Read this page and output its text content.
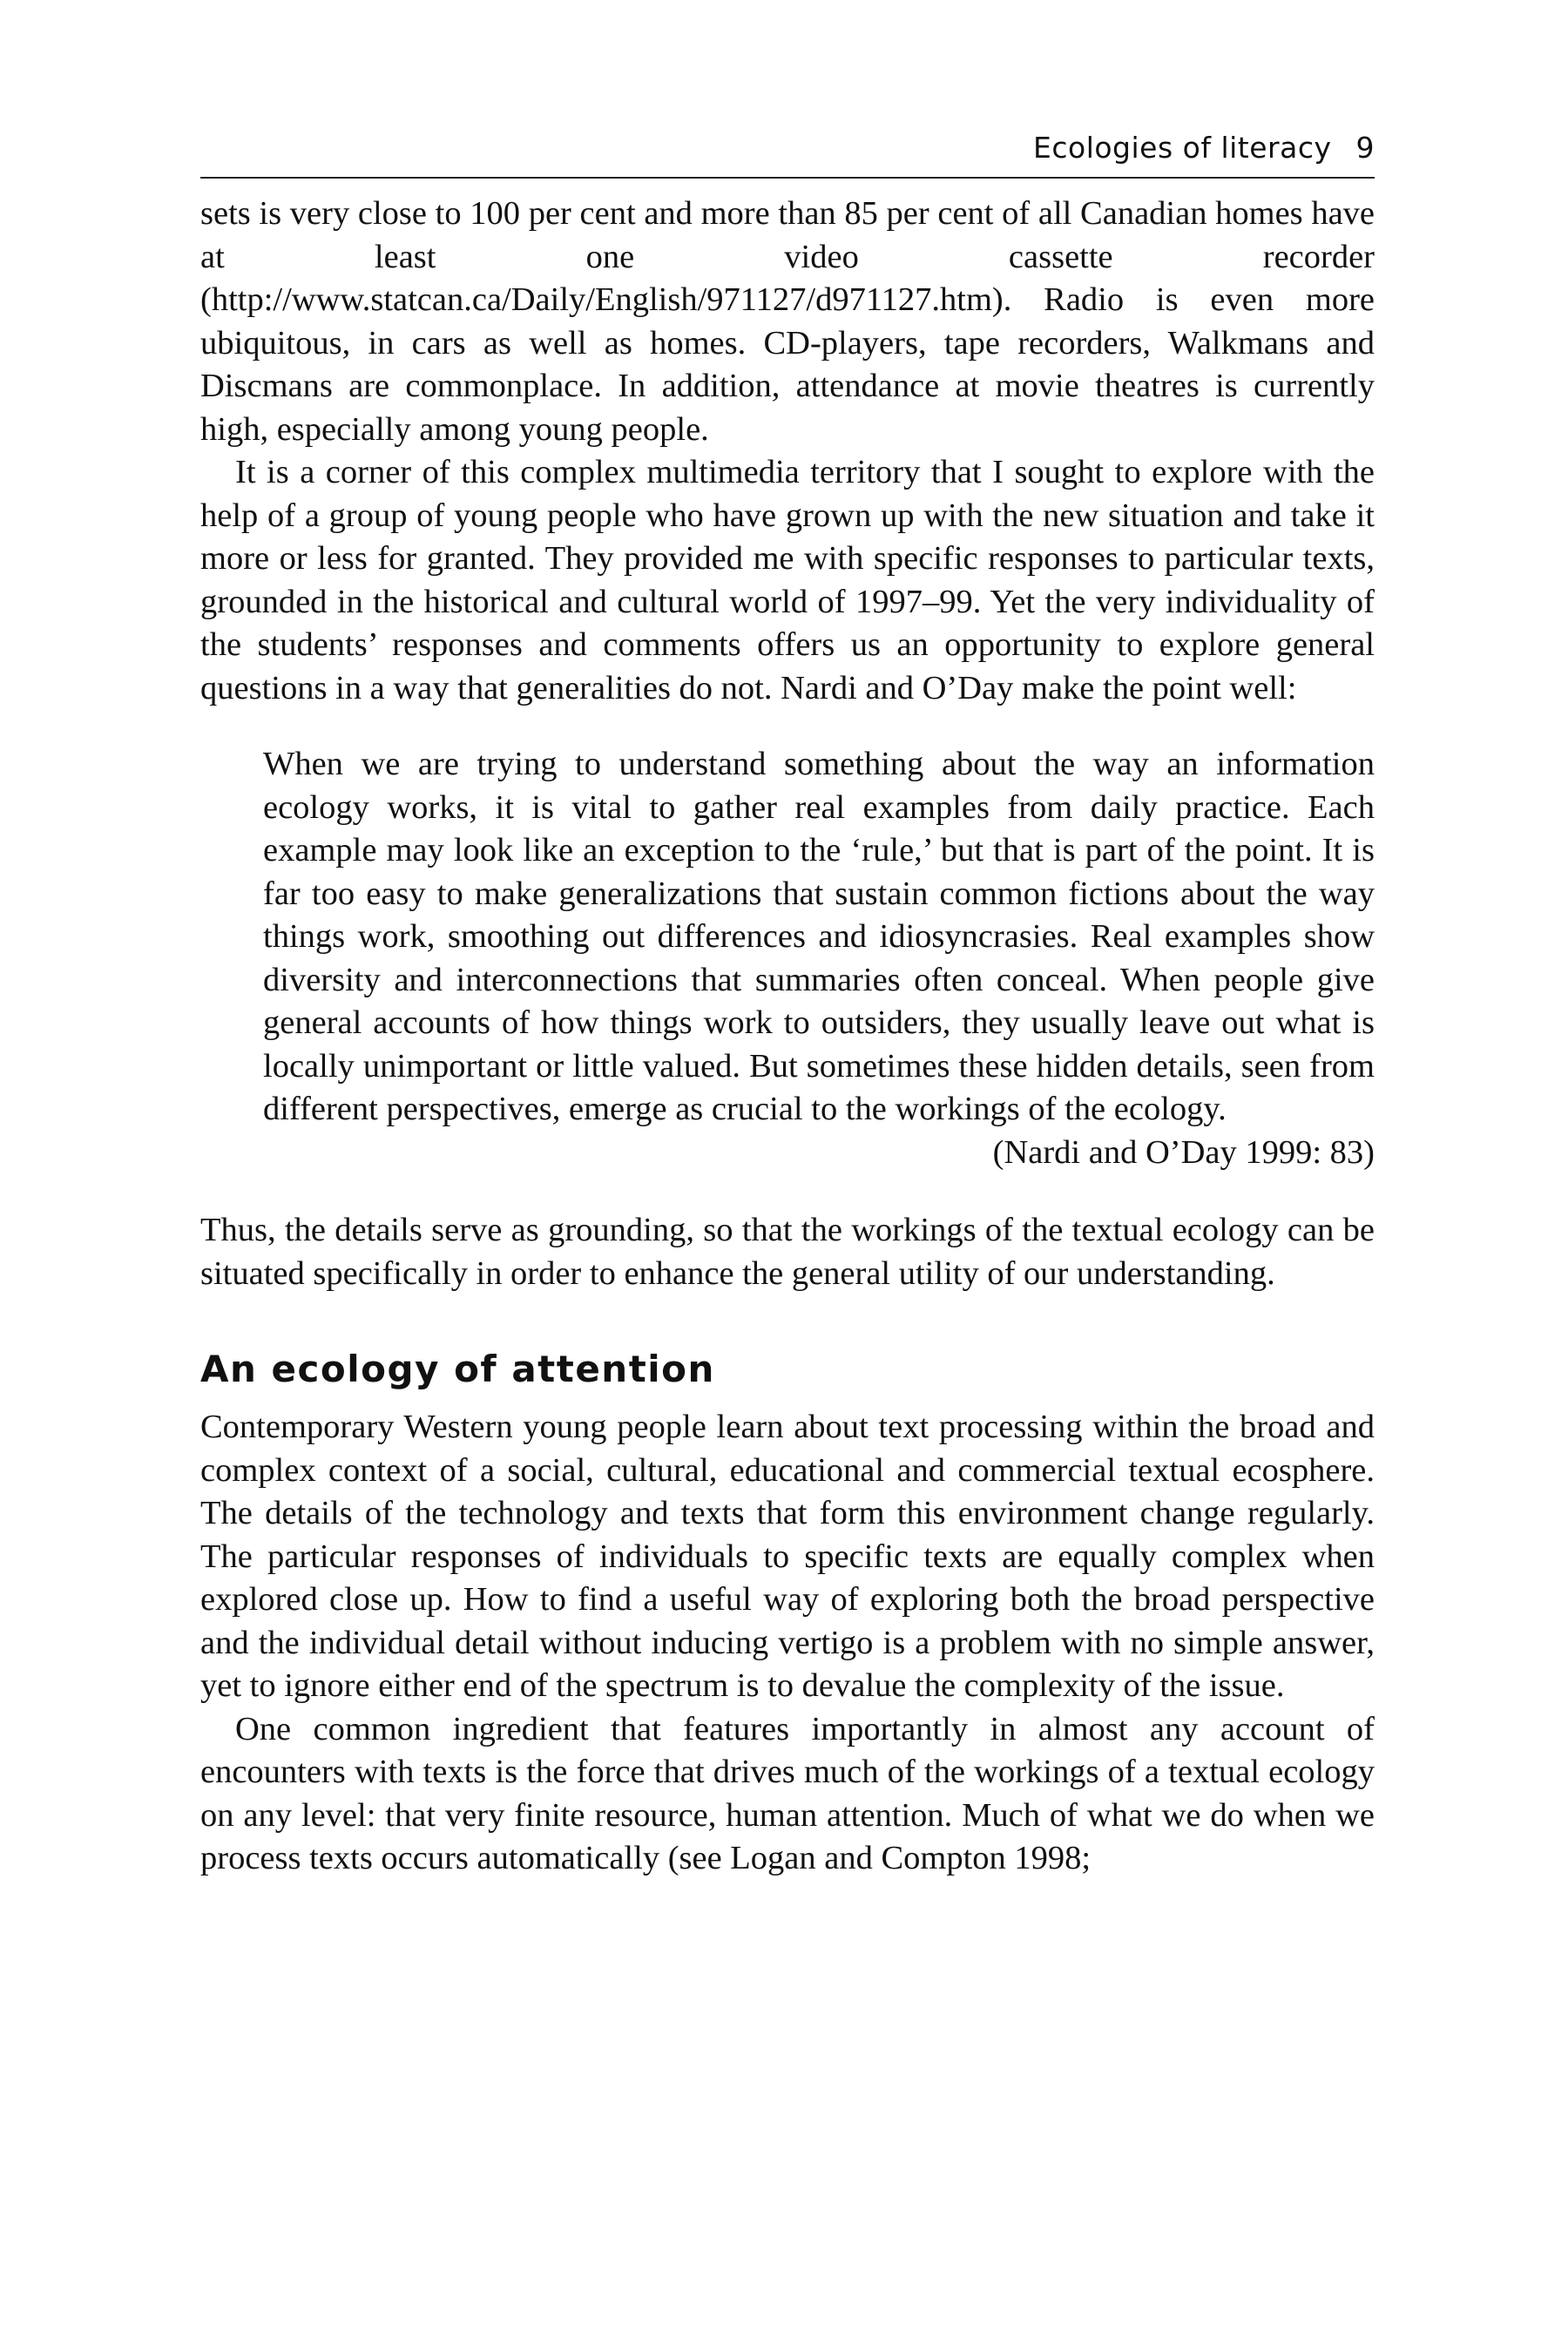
Ecologies of literacy 9

sets is very close to 100 per cent and more than 85 per cent of all Canadian homes have at least one video cassette recorder (http://www.statcan.ca/Daily/English/971127/d971127.htm). Radio is even more ubiquitous, in cars as well as homes. CD-players, tape recorders, Walkmans and Discmans are commonplace. In addition, attendance at movie theatres is currently high, especially among young people.

It is a corner of this complex multimedia territory that I sought to explore with the help of a group of young people who have grown up with the new situation and take it more or less for granted. They provided me with specific responses to particular texts, grounded in the historical and cultural world of 1997–99. Yet the very individuality of the students’ responses and comments offers us an opportunity to explore general questions in a way that generalities do not. Nardi and O’Day make the point well:

When we are trying to understand something about the way an information ecology works, it is vital to gather real examples from daily practice. Each example may look like an exception to the ‘rule,’ but that is part of the point. It is far too easy to make generalizations that sustain common fictions about the way things work, smoothing out differences and idiosyncrasies. Real examples show diversity and interconnections that summaries often conceal. When people give general accounts of how things work to outsiders, they usually leave out what is locally unimportant or little valued. But sometimes these hidden details, seen from different perspectives, emerge as crucial to the workings of the ecology.

(Nardi and O’Day 1999: 83)

Thus, the details serve as grounding, so that the workings of the textual ecology can be situated specifically in order to enhance the general utility of our understanding.

An ecology of attention

Contemporary Western young people learn about text processing within the broad and complex context of a social, cultural, educational and commercial textual ecosphere. The details of the technology and texts that form this environment change regularly. The particular responses of individuals to specific texts are equally complex when explored close up. How to find a useful way of exploring both the broad perspective and the individual detail without inducing vertigo is a problem with no simple answer, yet to ignore either end of the spectrum is to devalue the complexity of the issue.

One common ingredient that features importantly in almost any account of encounters with texts is the force that drives much of the workings of a textual ecology on any level: that very finite resource, human attention. Much of what we do when we process texts occurs automatically (see Logan and Compton 1998;
